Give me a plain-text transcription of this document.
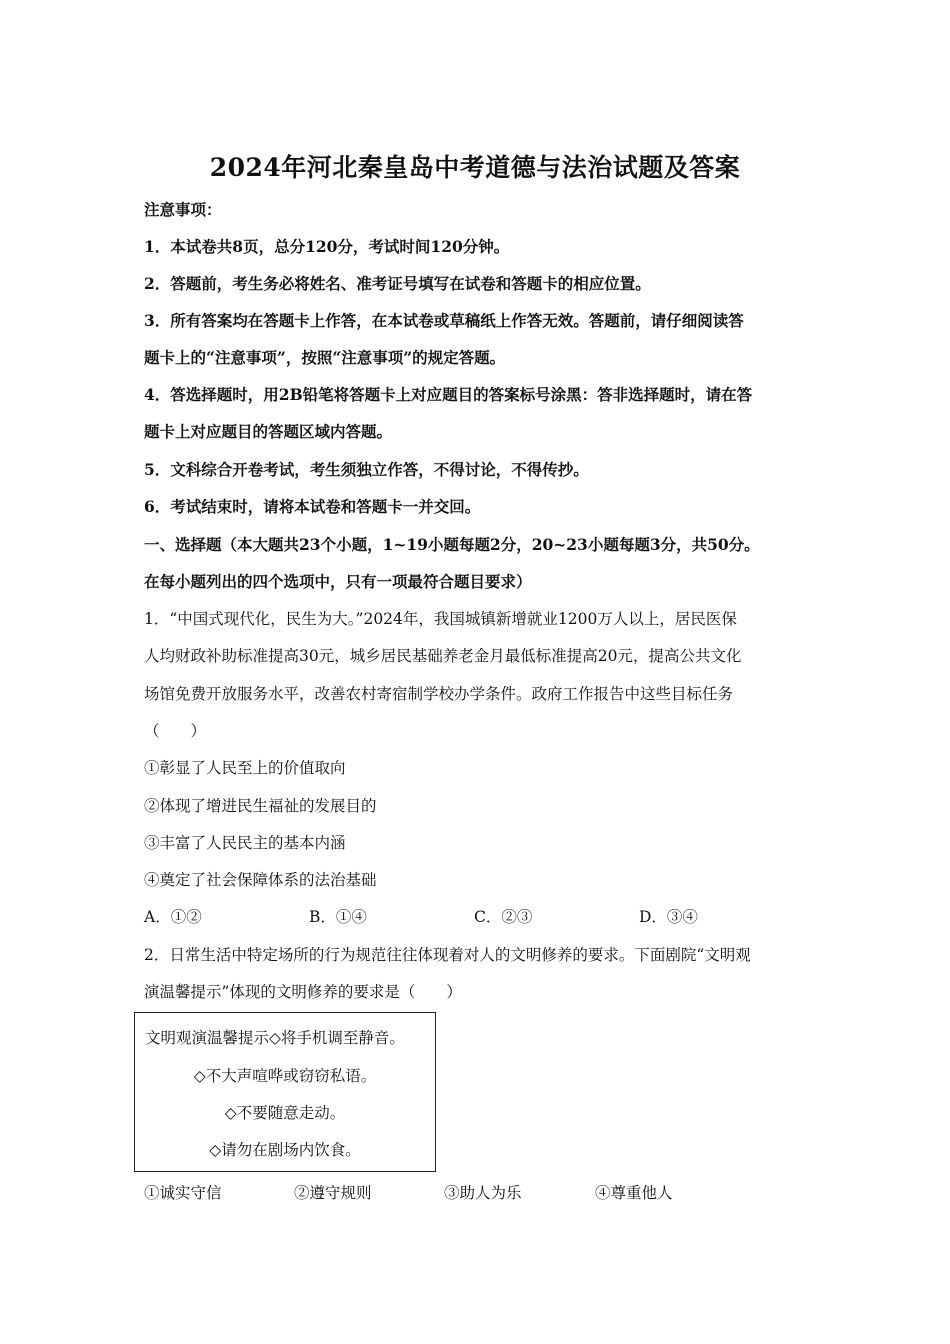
2024年河北秦皇岛中考道德与法治试题及答案
注意事项：
1．本试卷共8页，总分120分，考试时间120分钟。
2．答题前，考生务必将姓名、准考证号填写在试卷和答题卡的相应位置。
3．所有答案均在答题卡上作答，在本试卷或草稿纸上作答无效。答题前，请仔细阅读答
题卡上的“注意事项”，按照“注意事项”的规定答题。
4．答选择题时，用2B铅笔将答题卡上对应题目的答案标号涂黑：答非选择题时，请在答
题卡上对应题目的答题区域内答题。
5．文科综合开卷考试，考生须独立作答，不得讨论，不得传抄。
6．考试结束时，请将本试卷和答题卡一并交回。
一、选择题（本大题共23个小题，1~19小题每题2分，20~23小题每题3分，共50分。
在每小题列出的四个选项中，只有一项最符合题目要求）
1．“中国式现代化，民生为大。”2024年，我国城镇新增就业1200万人以上，居民医保
人均财政补助标准提高30元，城乡居民基础养老金月最低标准提高20元，提高公共文化
场馆免费开放服务水平，改善农村寄宿制学校办学条件。政府工作报告中这些目标任务
（　　）
①彰显了人民至上的价值取向
②体现了增进民生福祉的发展目的
③丰富了人民民主的基本内涵
④奠定了社会保障体系的法治基础
A．①②	B．①④	C．②③	D．③④
2．日常生活中特定场所的行为规范往往体现着对人的文明修养的要求。下面剧院“文明观
演温馨提示”体现的文明修养的要求是（　　）
文明观演温馨提示◇将手机调至静音。
◇不大声喧哗或窃窃私语。
◇不要随意走动。
◇请勿在剧场内饮食。
①诚实守信	②遵守规则	③助人为乐	④尊重他人
